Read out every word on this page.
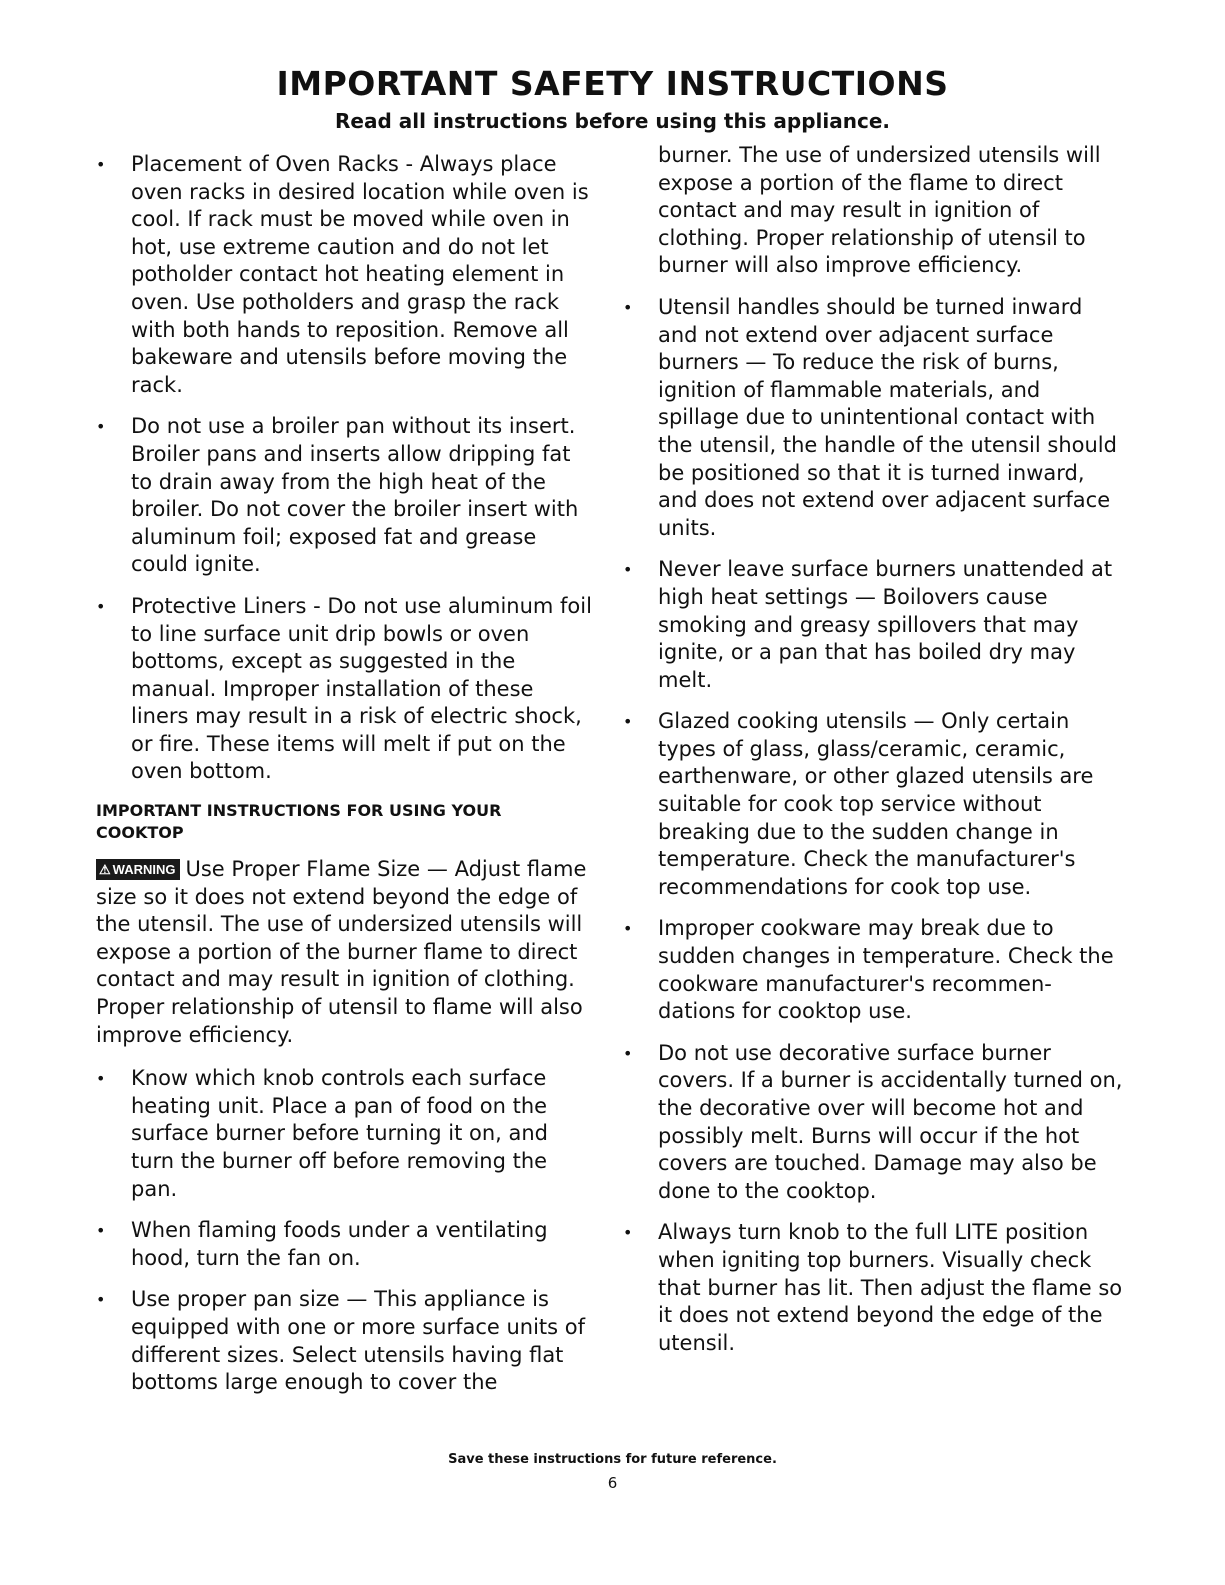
IMPORTANT SAFETY INSTRUCTIONS
Read all instructions before using this appliance.
• Placement of Oven Racks - Always place oven racks in desired location while oven is cool. If rack must be moved while oven in hot, use extreme caution and do not let potholder contact hot heating element in oven. Use potholders and grasp the rack with both hands to reposition. Remove all bakeware and utensils before moving the rack.
• Do not use a broiler pan without its insert. Broiler pans and inserts allow dripping fat to drain away from the high heat of the broiler. Do not cover the broiler insert with aluminum foil; exposed fat and grease could ignite.
• Protective Liners - Do not use aluminum foil to line surface unit drip bowls or oven bottoms, except as suggested in the manual. Improper installation of these liners may result in a risk of electric shock, or fire. These items will melt if put on the oven bottom.
IMPORTANT INSTRUCTIONS FOR USING YOUR COOKTOP
⚠ WARNING Use Proper Flame Size — Adjust flame size so it does not extend beyond the edge of the utensil. The use of undersized utensils will expose a portion of the burner flame to direct contact and may result in ignition of clothing. Proper relationship of utensil to flame will also improve efficiency.
• Know which knob controls each surface heating unit. Place a pan of food on the surface burner before turning it on, and turn the burner off before removing the pan.
• When flaming foods under a ventilating hood, turn the fan on.
• Use proper pan size — This appliance is equipped with one or more surface units of different sizes. Select utensils having flat bottoms large enough to cover the
burner. The use of undersized utensils will expose a portion of the flame to direct contact and may result in ignition of clothing. Proper relationship of utensil to burner will also improve efficiency.
• Utensil handles should be turned inward and not extend over adjacent surface burners — To reduce the risk of burns, ignition of flammable materials, and spillage due to unintentional contact with the utensil, the handle of the utensil should be positioned so that it is turned inward, and does not extend over adjacent surface units.
• Never leave surface burners unattended at high heat settings — Boilovers cause smoking and greasy spillovers that may ignite, or a pan that has boiled dry may melt.
• Glazed cooking utensils — Only certain types of glass, glass/ceramic, ceramic, earthenware, or other glazed utensils are suitable for cook top service without breaking due to the sudden change in temperature. Check the manufacturer's recommendations for cook top use.
• Improper cookware may break due to sudden changes in temperature. Check the cookware manufacturer's recommen-dations for cooktop use.
• Do not use decorative surface burner covers. If a burner is accidentally turned on, the decorative over will become hot and possibly melt. Burns will occur if the hot covers are touched. Damage may also be done to the cooktop.
• Always turn knob to the full LITE position when igniting top burners. Visually check that burner has lit. Then adjust the flame so it does not extend beyond the edge of the utensil.
Save these instructions for future reference.
6
